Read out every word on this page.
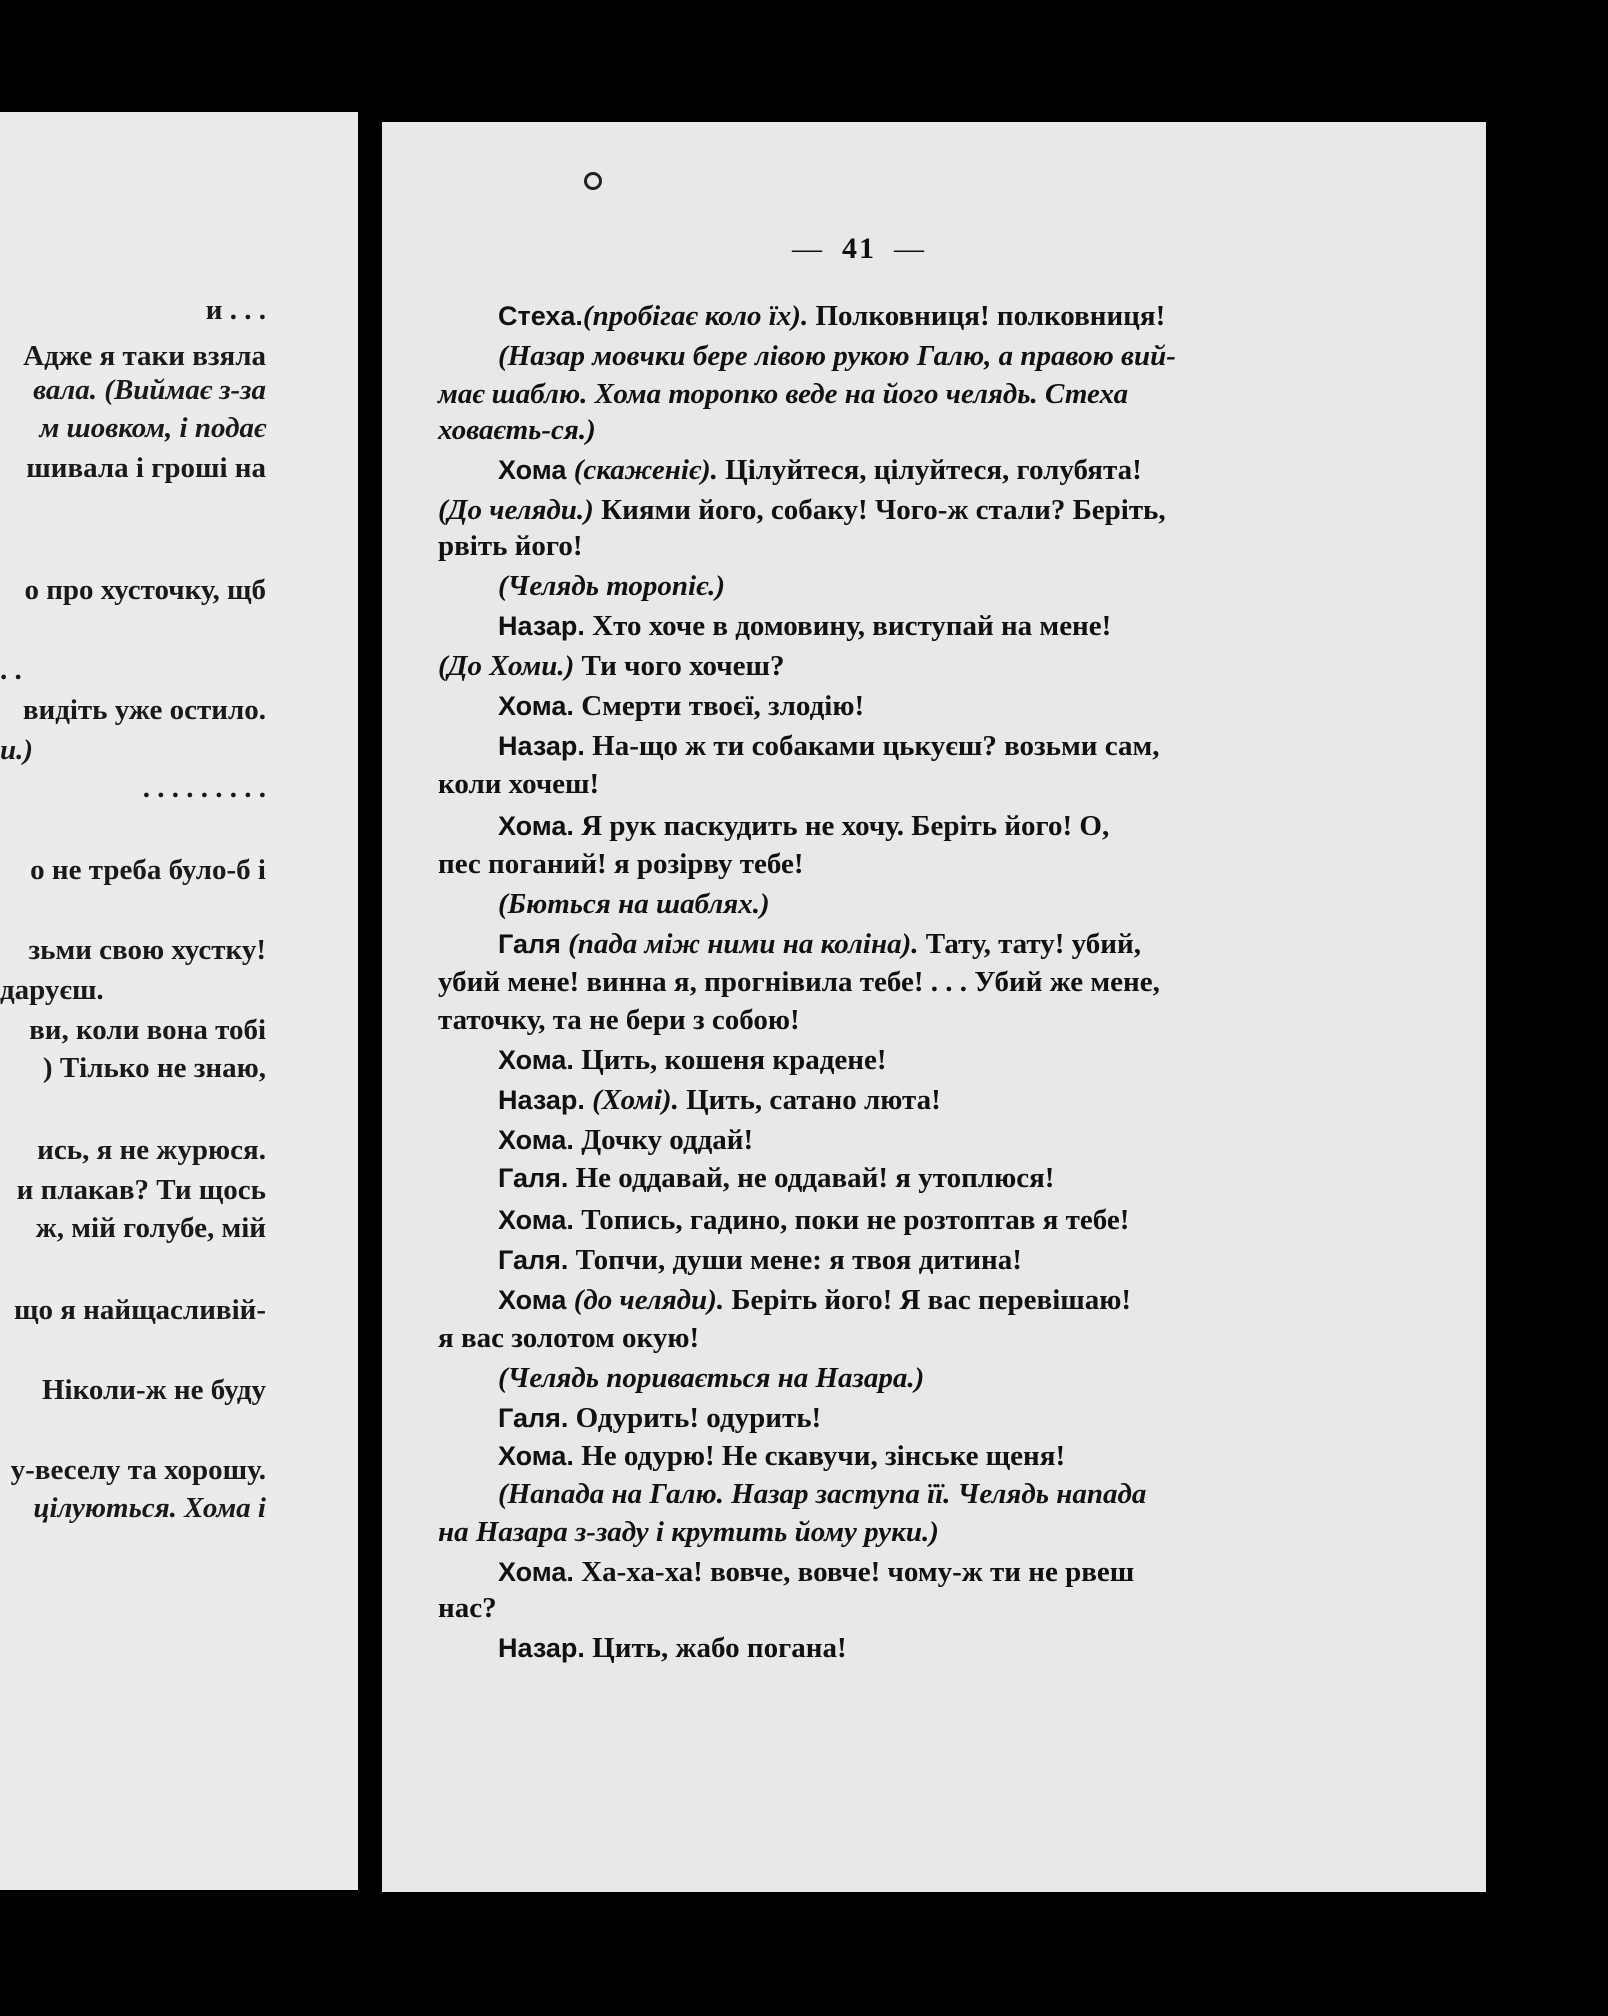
и . . .
Адже я таки взяла
вала. (Виймає з-за
м шовком, і подає
шивала і гроші на
о про хусточку, щб
. .
видіть уже остило.
и.)
. . . . . . . . .
о не треба було-б і
зьми свою хустку!
даруєш.
ви, коли вона тобі
) Тілько не знаю,
ись, я не журюся.
и плакав? Ти щось
ж, мій голубе, мій
що я найщасливій-
Ніколи-ж не буду
у-веселу та хорошу.
цілуються. Хома і
— 41 —
Стеха.(пробігає коло їх). Полковниця! полковниця!
(Назар мовчки бере лівою рукою Галю, а правою вий-
має шаблю. Хома торопко веде на його челядь. Стеха
ховаєть-ся.)
Хома (скаженіє). Цілуйтеся, цілуйтеся, голубята!
(До челяди.) Киями його, собаку! Чого-ж стали? Беріть,
рвіть його!
(Челядь торопіє.)
Назар. Хто хоче в домовину, виступай на мене!
(До Хоми.) Ти чого хочеш?
Хома. Смерти твоєї, злодію!
Назар. На-що ж ти собаками цькуєш? возьми сам,
коли хочеш!
Хома. Я рук паскудить не хочу. Беріть його! О,
пес поганий! я розірву тебе!
(Бються на шаблях.)
Галя (пада між ними на коліна). Тату, тату! убий,
убий мене! винна я, прогнівила тебе! . . . Убий же мене,
таточку, та не бери з собою!
Хома. Цить, кошеня крадене!
Назар. (Хомі). Цить, сатано люта!
Хома. Дочку оддай!
Галя. Не оддавай, не оддавай! я утоплюся!
Хома. Топись, гадино, поки не розтоптав я тебе!
Галя. Топчи, души мене: я твоя дитина!
Хома (до челяди). Беріть його! Я вас перевішаю!
я вас золотом окую!
(Челядь поривається на Назара.)
Галя. Одурить! одурить!
Хома. Не одурю! Не скавучи, зінське щеня!
(Напада на Галю. Назар заступа її. Челядь напада
на Назара з-заду і крутить йому руки.)
Хома. Ха-ха-ха! вовче, вовче! чому-ж ти не рвеш
нас?
Назар. Цить, жабо погана!
